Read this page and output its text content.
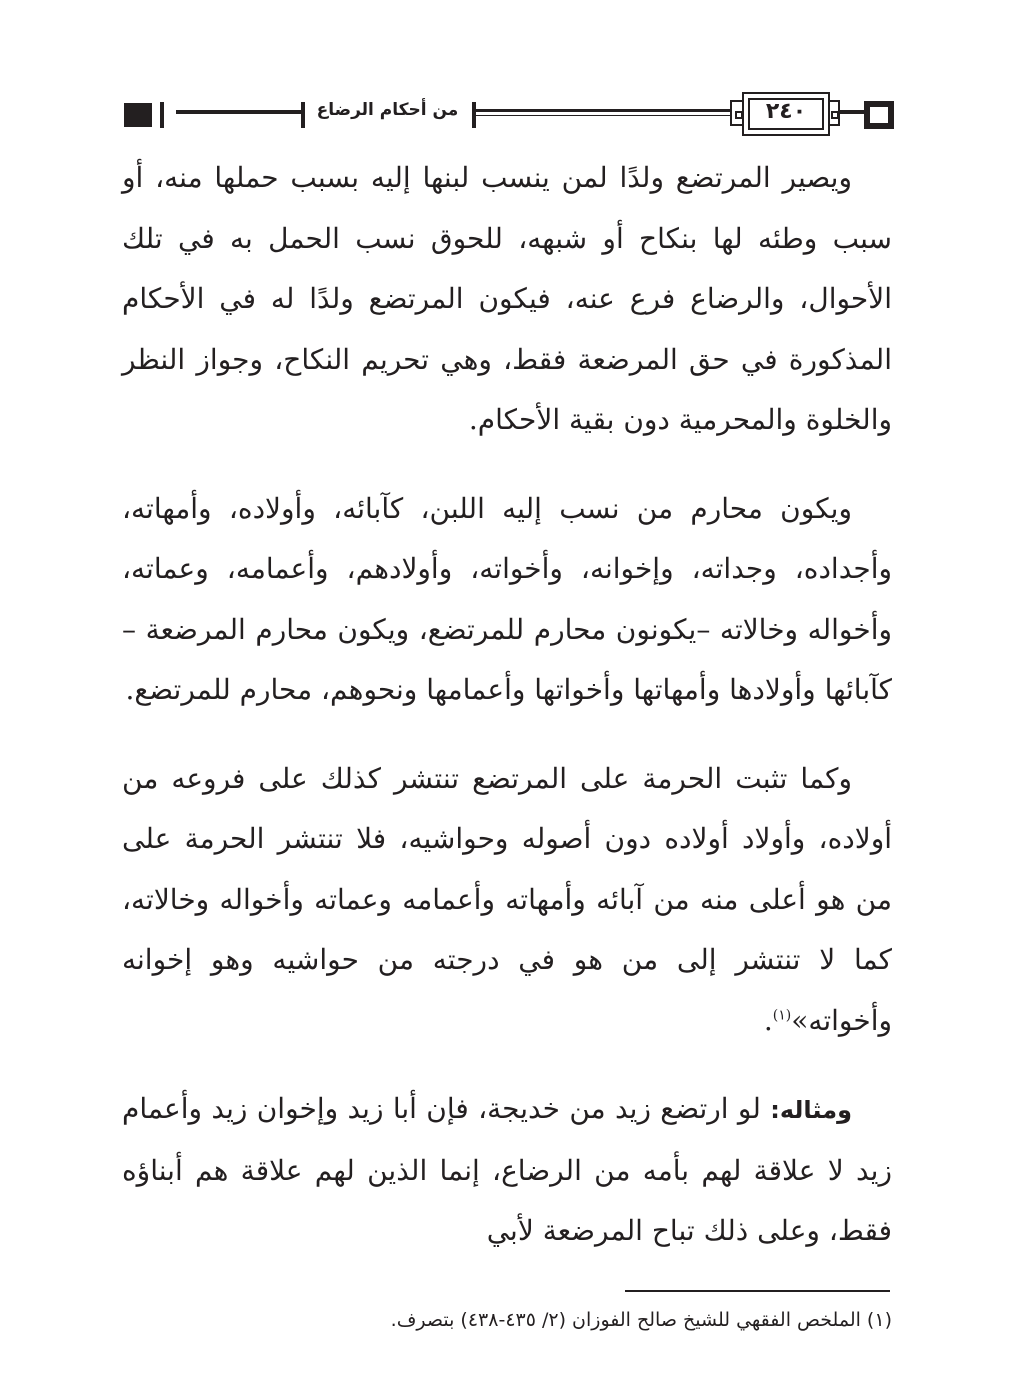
من أحكام الرضاع	٢٤٠

ويصير المرتضع ولدًا لمن ينسب لبنها إليه بسبب حملها منه، أو سبب وطئه لها بنكاح أو شبهه، للحوق نسب الحمل به في تلك الأحوال، والرضاع فرع عنه، فيكون المرتضع ولدًا له في الأحكام المذكورة في حق المرضعة فقط، وهي تحريم النكاح، وجواز النظر والخلوة والمحرمية دون بقية الأحكام.

ويكون محارم من نسب إليه اللبن، كآبائه، وأولاده، وأمهاته، وأجداده، وجداته، وإخوانه، وأخواته، وأولادهم، وأعمامه، وعماته، وأخواله وخالاته –يكونون محارم للمرتضع، ويكون محارم المرضعة – كآبائها وأولادها وأمهاتها وأخواتها وأعمامها ونحوهم، محارم للمرتضع.

وكما تثبت الحرمة على المرتضع تنتشر كذلك على فروعه من أولاده، وأولاد أولاده دون أصوله وحواشيه، فلا تنتشر الحرمة على من هو أعلى منه من آبائه وأمهاته وأعمامه وعماته وأخواله وخالاته، كما لا تنتشر إلى من هو في درجته من حواشيه وهو إخوانه وأخواته»$^{(١)}$.

ومثاله: لو ارتضع زيد من خديجة، فإن أبا زيد وإخوان زيد وأعمام زيد لا علاقة لهم بأمه من الرضاع، إنما الذين لهم علاقة هم أبناؤه فقط، وعلى ذلك تباح المرضعة لأبي

(١) الملخص الفقهي للشيخ صالح الفوزان (٢/ ٤٣٥-٤٣٨) بتصرف.
